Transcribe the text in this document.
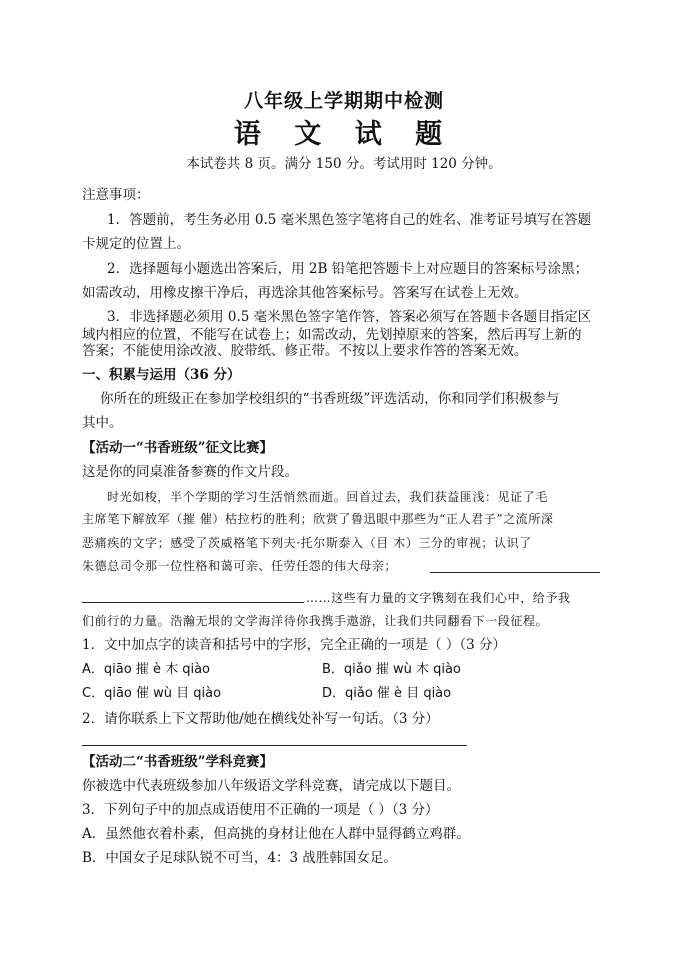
八年级上学期期中检测
语 文 试 题
本试卷共 8 页。满分 150 分。考试用时 120 分钟。
注意事项：
1．答题前，考生务必用 0.5 毫米黑色签字笔将自己的姓名、准考证号填写在答题
卡规定的位置上。
2．选择题每小题选出答案后，用 2B 铅笔把答题卡上对应题目的答案标号涂黑；
如需改动，用橡皮擦干净后，再选涂其他答案标号。答案写在试卷上无效。
3．非选择题必须用 0.5 毫米黑色签字笔作答，答案必须写在答题卡各题目指定区
域内相应的位置，不能写在试卷上；如需改动，先划掉原来的答案，然后再写上新的
答案；不能使用涂改液、胶带纸、修正带。不按以上要求作答的答案无效。
一、积累与运用（36 分）
你所在的班级正在参加学校组织的“书香班级”评选活动，你和同学们积极参与
其中。
【活动一“书香班级”征文比赛】
这是你的同桌准备参赛的作文片段。
时光如梭，半个学期的学习生活悄然而逝。回首过去，我们获益匪浅：见证了毛
主席笔下解放军（摧 催）枯拉朽的胜利；欣赏了鲁迅眼中那些为“正人君子”之流所深
恶痛疾的文字；感受了茨威格笔下列夫·托尔斯泰入（目 木）三分的审视；认识了
朱德总司令那一位性格和蔼可亲、任劳任怨的伟大母亲；
……这些有力量的文字镌刻在我们心中，给予我
们前行的力量。浩瀚无垠的文学海洋待你我携手遨游，让我们共同翻看下一段征程。
1．文中加点字的读音和括号中的字形，完全正确的一项是（ ）（3 分）
A．qiāo 摧 è 木 qiào	B．qiǎo 摧 wù 木 qiào
C．qiāo 催 wù 目 qiào	D．qiǎo 催 è 目 qiào
2．请你联系上下文帮助他/她在横线处补写一句话。（3 分）
【活动二“书香班级”学科竞赛】
你被选中代表班级参加八年级语文学科竞赛，请完成以下题目。
3．下列句子中的加点成语使用不正确的一项是（ ）（3 分）
A．虽然他衣着朴素，但高挑的身材让他在人群中显得鹤立鸡群。
B．中国女子足球队锐不可当，4：3 战胜韩国女足。
